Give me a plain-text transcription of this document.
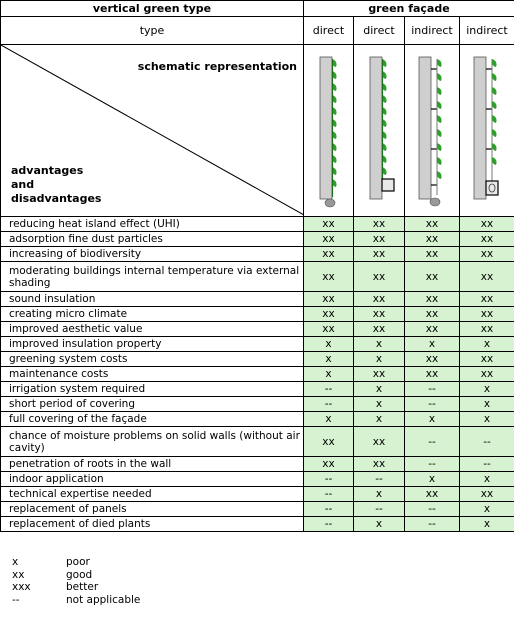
vertical green type	green façade			
type	direct	direct	indirect	indirect

schematic representation
advantages
and
disadvantages

reducing heat island effect (UHI)	xx	xx	xx	xx
adsorption fine dust particles	xx	xx	xx	xx
increasing of biodiversity	xx	xx	xx	xx
moderating buildings internal temperature via external shading	xx	xx	xx	xx
sound insulation	xx	xx	xx	xx
creating micro climate	xx	xx	xx	xx
improved aesthetic value	xx	xx	xx	xx
improved insulation property	x	x	x	x
greening system costs	x	x	xx	xx
maintenance costs	x	xx	xx	xx
irrigation system required	--	x	--	x
short period of covering	--	x	--	x
full covering of the façade	x	x	x	x
chance of moisture problems on solid walls (without air cavity)	xx	xx	--	--
penetration of roots in the wall	xx	xx	--	--
indoor application	--	--	x	x
technical expertise needed	--	x	xx	xx
replacement of panels	--	--	--	x
replacement of died plants	--	x	--	x
x	poor
xx	good
xxx	better
--	not applicable
